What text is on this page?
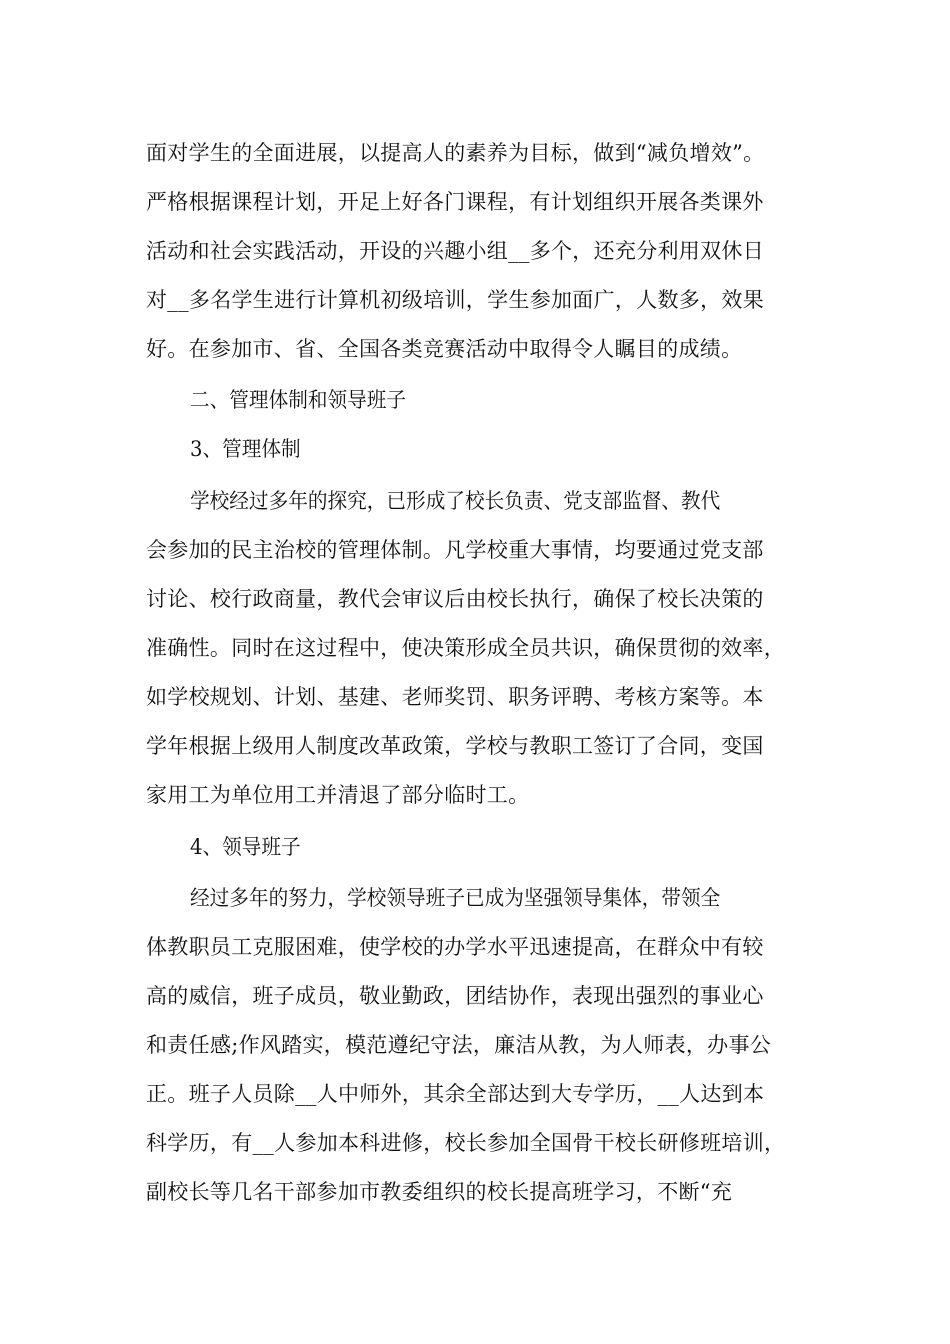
面对学生的全面进展，以提高人的素养为目标，做到“减负增效”。
严格根据课程计划，开足上好各门课程，有计划组织开展各类课外
活动和社会实践活动，开设的兴趣小组__多个，还充分利用双休日
对__多名学生进行计算机初级培训，学生参加面广，人数多，效果
好。在参加市、省、全国各类竞赛活动中取得令人瞩目的成绩。
二、管理体制和领导班子
3、管理体制
学校经过多年的探究，已形成了校长负责、党支部监督、教代
会参加的民主治校的管理体制。凡学校重大事情，均要通过党支部
讨论、校行政商量，教代会审议后由校长执行，确保了校长决策的
准确性。同时在这过程中，使决策形成全员共识，确保贯彻的效率，
如学校规划、计划、基建、老师奖罚、职务评聘、考核方案等。本
学年根据上级用人制度改革政策，学校与教职工签订了合同，变国
家用工为单位用工并清退了部分临时工。
4、领导班子
经过多年的努力，学校领导班子已成为坚强领导集体，带领全
体教职员工克服困难，使学校的办学水平迅速提高，在群众中有较
高的威信，班子成员，敬业勤政，团结协作，表现出强烈的事业心
和责任感;作风踏实，模范遵纪守法，廉洁从教，为人师表，办事公
正。班子人员除__人中师外，其余全部达到大专学历，__人达到本
科学历，有__人参加本科进修，校长参加全国骨干校长研修班培训，
副校长等几名干部参加市教委组织的校长提高班学习，不断“充
